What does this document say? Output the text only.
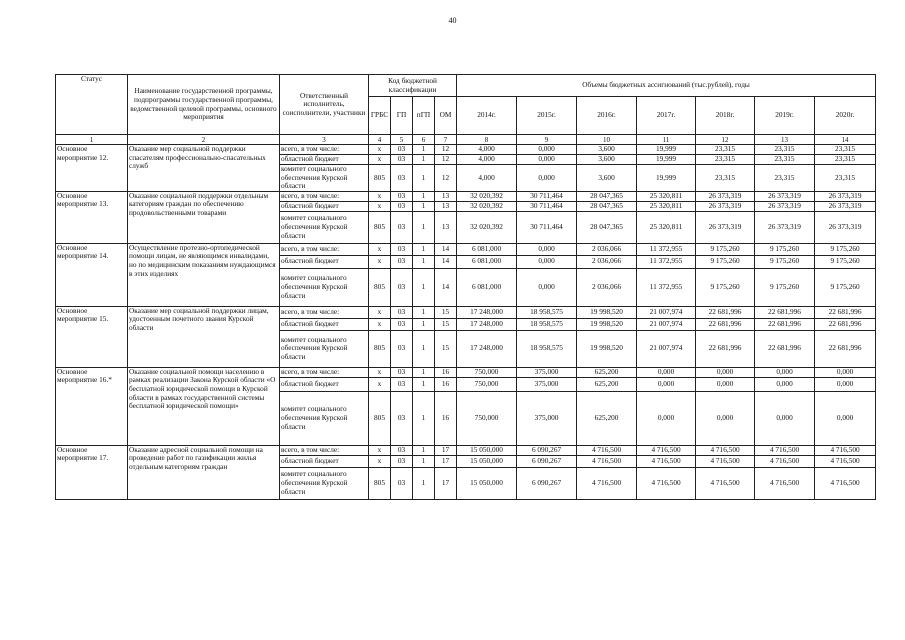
40
Статус	Наименование государственной программы, подпрограммы государственной программы, ведомственной целевой программы, основного мероприятия	Ответственный исполнитель, соисполнители, участники	Код бюджетной классификации				Объемы бюджетных ассигнований (тыс.рублей), годы						
			ГРБС	ГП	пГП	ОМ	2014г.	2015г.	2016г.	2017г.	2018г.	2019г.	2020г.
1	2	3	4	5	6	7	8	9	10	11	12	13	14
Основное мероприятие 12.	Оказание мер социальной поддержки спасателям профессионально-спасательных служб	всего, в том числе:	х	03	1	12	4,000	0,000	3,600	19,999	23,315	23,315	23,315
		областной бюджет	х	03	1	12	4,000	0,000	3,600	19,999	23,315	23,315	23,315
		комитет социального обеспечения Курской области	805	03	1	12	4,000	0,000	3,600	19,999	23,315	23,315	23,315
Основное мероприятие 13.	Оказание социальной поддержки отдельным категориям граждан по обеспечению продовольственными товарами	всего, в том числе:	х	03	1	13	32 020,392	30 711,464	28 047,365	25 320,811	26 373,319	26 373,319	26 373,319
		областной бюджет	х	03	1	13	32 020,392	30 711,464	28 047,365	25 320,811	26 373,319	26 373,319	26 373,319
		комитет социального обеспечения Курской области	805	03	1	13	32 020,392	30 711,464	28 047,365	25 320,811	26 373,319	26 373,319	26 373,319
Основное мероприятие 14.	Осуществление протезно-ортопедической помощи лицам, не являющимся инвалидами, но по медицинским показаниям нуждающимся в этих изделиях	всего, в том числе:	х	03	1	14	6 081,000	0,000	2 036,066	11 372,955	9 175,260	9 175,260	9 175,260
		областной бюджет	х	03	1	14	6 081,000	0,000	2 036,066	11 372,955	9 175,260	9 175,260	9 175,260
		комитет социального обеспечения Курской области	805	03	1	14	6 081,000	0,000	2 036,066	11 372,955	9 175,260	9 175,260	9 175,260
Основное мероприятие 15.	Оказание мер социальной поддержки лицам, удостоенным почетного звания Курской области	всего, в том числе:	х	03	1	15	17 248,000	18 958,575	19 998,520	21 007,974	22 681,996	22 681,996	22 681,996
		областной бюджет	х	03	1	15	17 248,000	18 958,575	19 998,520	21 007,974	22 681,996	22 681,996	22 681,996
		комитет социального обеспечения Курской области	805	03	1	15	17 248,000	18 958,575	19 998,520	21 007,974	22 681,996	22 681,996	22 681,996
Основное мероприятие 16.*	Оказание социальной помощи населению в рамках реализации Закона Курской области «О бесплатной юридической помощи в Курской области в рамках государственной системы бесплатной юридической помощи»	всего, в том числе:	х	03	1	16	750,000	375,000	625,200	0,000	0,000	0,000	0,000
		областной бюджет	х	03	1	16	750,000	375,000	625,200	0,000	0,000	0,000	0,000
		комитет социального обеспечения Курской области	805	03	1	16	750,000	375,000	625,200	0,000	0,000	0,000	0,000
Основное мероприятие 17.	Оказание адресной социальной помощи на проведение работ по газификации жилья отдельным категориям граждан	всего, в том числе:	х	03	1	17	15 050,000	6 090,267	4 716,500	4 716,500	4 716,500	4 716,500	4 716,500
		областной бюджет	х	03	1	17	15 050,000	6 090,267	4 716,500	4 716,500	4 716,500	4 716,500	4 716,500
		комитет социального обеспечения Курской области	805	03	1	17	15 050,000	6 090,267	4 716,500	4 716,500	4 716,500	4 716,500	4 716,500
